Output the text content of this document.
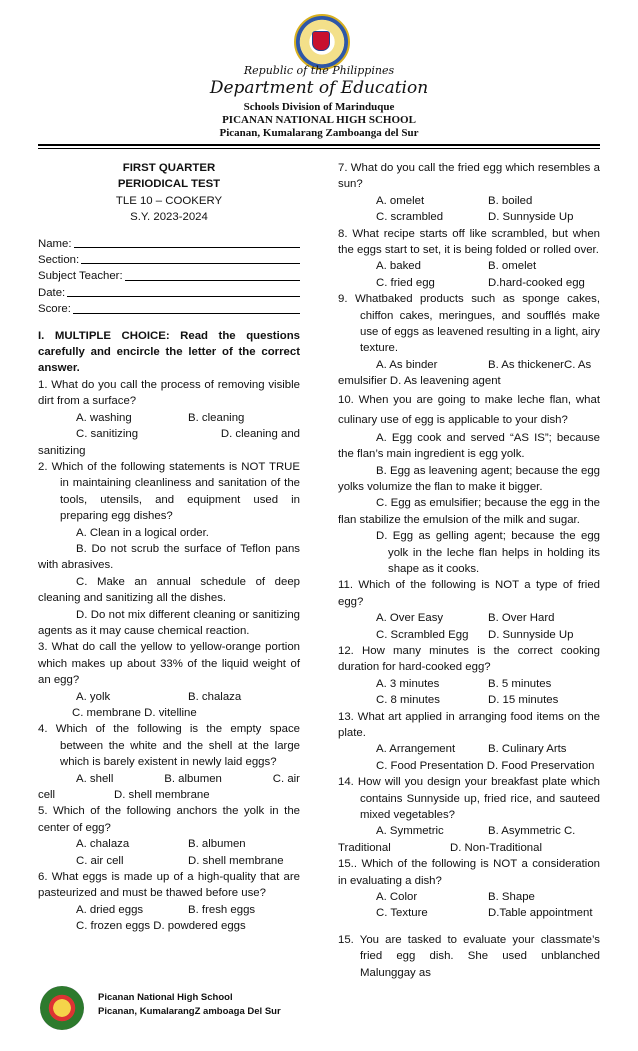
Republic of the Philippines
Department of Education
Schools Division of Marinduque
PICANAN NATIONAL HIGH SCHOOL
Picanan, Kumalarang Zamboanga del Sur
FIRST QUARTER
PERIODICAL TEST
TLE 10 – COOKERY
S.Y. 2023-2024
Name:
Section:
Subject Teacher:
Date:
Score:
I. MULTIPLE CHOICE: Read the questions carefully and encircle the letter of the correct answer.
1. What do you call the process of removing visible dirt from a surface?
A. washing	B. cleaning
C. sanitizing	D. cleaning and
sanitizing
2. Which of the following statements is NOT TRUE in maintaining cleanliness and sanitation of the tools, utensils, and equipment used in preparing egg dishes?
A. Clean in a logical order.
B. Do not scrub the surface of Teflon pans with abrasives.
C. Make an annual schedule of deep cleaning and sanitizing all the dishes.
D. Do not mix different cleaning or sanitizing agents as it may cause chemical reaction.
3. What do call the yellow to yellow-orange portion which makes up about 33% of the liquid weight of an egg?
A. yolk	B. chalaza
C. membrane D. vitelline
4. Which of the following is the empty space between the white and the shell at the large which is barely existent in newly laid eggs?
A. shell	B. albumen	C. air
cell	D. shell membrane
5. Which of the following anchors the yolk in the center of egg?
A. chalaza	B. albumen
C. air cell	D. shell membrane
6. What eggs is made up of a high-quality that are pasteurized and must be thawed before use?
A. dried eggs	B. fresh eggs
C. frozen eggs D. powdered eggs
7. What do you call the fried egg which resembles a sun?
A. omelet	B. boiled
C. scrambled	D. Sunnyside Up
8. What recipe starts off like scrambled, but when the eggs start to set, it is being folded or rolled over.
A. baked	B. omelet
C. fried egg	D.hard-cooked egg
9. Whatbaked products such as sponge cakes, chiffon cakes, meringues, and soufflés make use of eggs as leavened resulting in a light, airy texture.
A. As binder	B. As thickenerC. As
emulsifier D. As leavening agent
10. When you are going to make leche flan, what culinary use of egg is applicable to your dish?
A. Egg cook and served “AS IS”; because the flan’s main ingredient is egg yolk.
B. Egg as leavening agent; because the egg yolks volumize the flan to make it bigger.
C. Egg as emulsifier; because the egg in the flan stabilize the emulsion of the milk and sugar.
D. Egg as gelling agent; because the egg yolk in the leche flan helps in holding its shape as it cooks.
11. Which of the following is NOT a type of fried egg?
A. Over Easy	B. Over Hard
C. Scrambled Egg	D. Sunnyside Up
12. How many minutes is the correct cooking duration for hard-cooked egg?
A. 3 minutes	B. 5 minutes
C. 8 minutes	D. 15 minutes
13. What art applied in arranging food items on the plate.
A. Arrangement	B. Culinary Arts
C. Food Presentation D. Food Preservation
14. How will you design your breakfast plate which contains Sunnyside up, fried rice, and sauteed mixed vegetables?
A. Symmetric	B. Asymmetric C.
Traditional	D. Non-Traditional
15.. Which of the following is NOT a consideration in evaluating a dish?
A. Color	B. Shape
C. Texture	D.Table appointment
15. You are tasked to evaluate your classmate’s fried egg dish. She used unblanched Malunggay as
Picanan National High School
Picanan, KumalarangZ amboaga Del Sur
